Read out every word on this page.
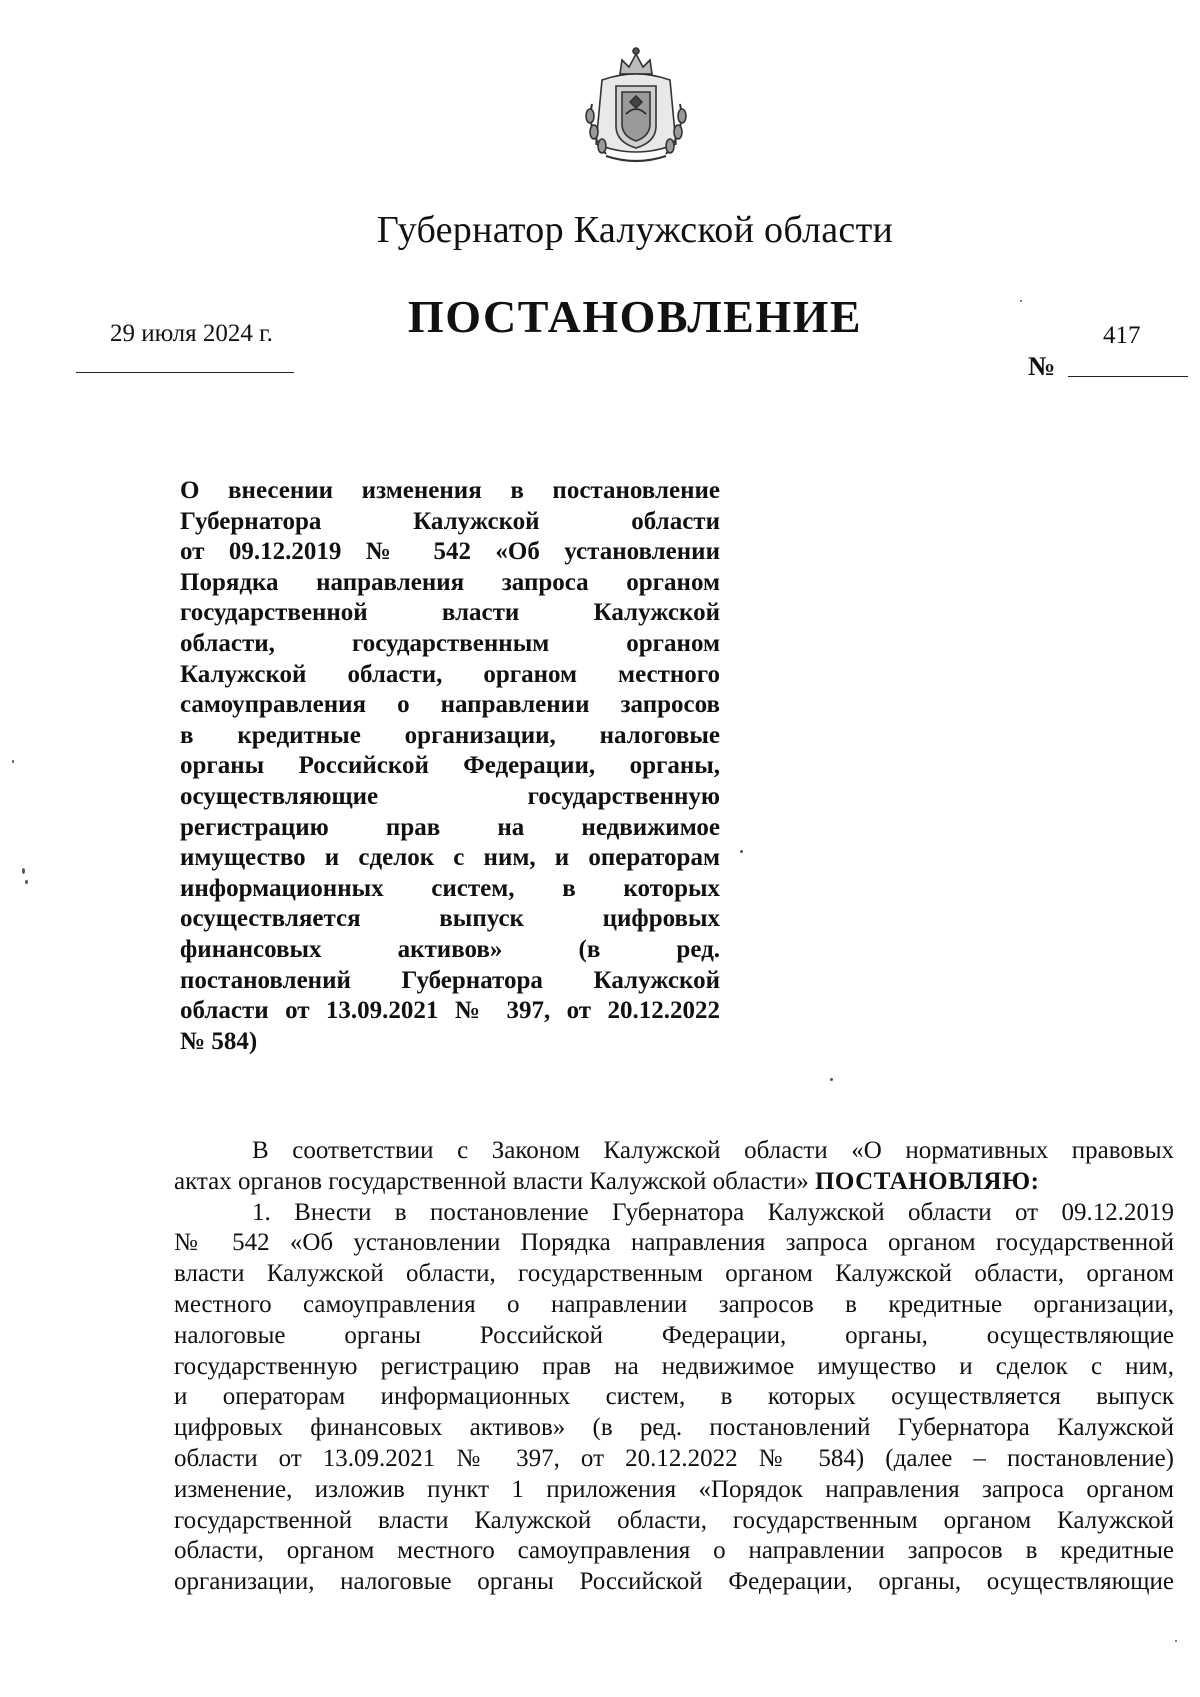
Губернатор Калужской области
ПОСТАНОВЛЕНИЕ
29 июля 2024 г.	417
№
О внесении изменения в постановление
Губернатора Калужской области
от 09.12.2019 № 542 «Об установлении
Порядка направления запроса органом
государственной власти Калужской
области, государственным органом
Калужской области, органом местного
самоуправления о направлении запросов
в кредитные организации, налоговые
органы Российской Федерации, органы,
осуществляющие государственную
регистрацию прав на недвижимое
имущество и сделок с ним, и операторам
информационных систем, в которых
осуществляется выпуск цифровых
финансовых активов» (в ред.
постановлений Губернатора Калужской
области от 13.09.2021 № 397, от 20.12.2022
№ 584)
В соответствии с Законом Калужской области «О нормативных правовых
актах органов государственной власти Калужской области» ПОСТАНОВЛЯЮ:
1. Внести в постановление Губернатора Калужской области от 09.12.2019
№ 542 «Об установлении Порядка направления запроса органом государственной
власти Калужской области, государственным органом Калужской области, органом
местного самоуправления о направлении запросов в кредитные организации,
налоговые органы Российской Федерации, органы, осуществляющие
государственную регистрацию прав на недвижимое имущество и сделок с ним,
и операторам информационных систем, в которых осуществляется выпуск
цифровых финансовых активов» (в ред. постановлений Губернатора Калужской
области от 13.09.2021 № 397, от 20.12.2022 № 584) (далее – постановление)
изменение, изложив пункт 1 приложения «Порядок направления запроса органом
государственной власти Калужской области, государственным органом Калужской
области, органом местного самоуправления о направлении запросов в кредитные
организации, налоговые органы Российской Федерации, органы, осуществляющие
